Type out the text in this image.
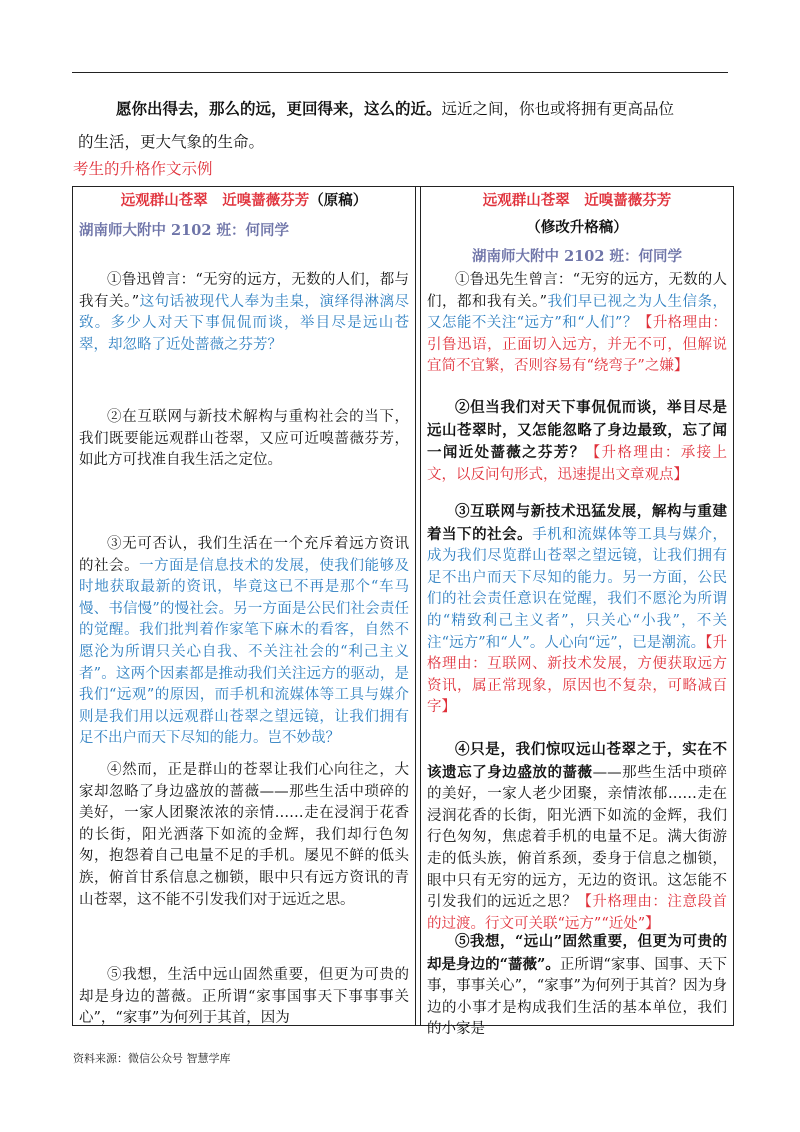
愿你出得去，那么的远，更回得来，这么的近。远近之间，你也或将拥有更高品位

的生活，更大气象的生命。

考生的升格作文示例
远观群山苍翠　近嗅蔷薇芬芳（原稿）
湖南师大附中 2102 班：何同学
①鲁迅曾言：“无穷的远方，无数的人们，都与我有关。”这句话被现代人奉为圭臬，演绎得淋漓尽致。多少人对天下事侃侃而谈，举目尽是远山苍翠，却忽略了近处蔷薇之芬芳？
②在互联网与新技术解构与重构社会的当下，我们既要能远观群山苍翠，又应可近嗅蔷薇芬芳，如此方可找准自我生活之定位。
③无可否认，我们生活在一个充斥着远方资讯的社会。一方面是信息技术的发展，使我们能够及时地获取最新的资讯，毕竟这已不再是那个“车马慢、书信慢”的慢社会。另一方面是公民们社会责任的觉醒。我们批判着作家笔下麻木的看客，自然不愿沦为所谓只关心自我、不关注社会的“利己主义者”。这两个因素都是推动我们关注远方的驱动，是我们“远观”的原因，而手机和流媒体等工具与媒介则是我们用以远观群山苍翠之望远镜，让我们拥有足不出户而天下尽知的能力。岂不妙哉？
④然而，正是群山的苍翠让我们心向往之，大家却忽略了身边盛放的蔷薇——那些生活中琐碎的美好，一家人团聚浓浓的亲情……走在浸润于花香的长街，阳光洒落下如流的金辉，我们却行色匆匆，抱怨着自己电量不足的手机。屡见不鲜的低头族，俯首甘系信息之枷锁，眼中只有远方资讯的青山苍翠，这不能不引发我们对于远近之思。
⑤我想，生活中远山固然重要，但更为可贵的却是身边的蔷薇。正所谓“家事国事天下事事事关心”，“家事”为何列于其首，因为

远观群山苍翠　近嗅蔷薇芬芳
（修改升格稿）
湖南师大附中 2102 班：何同学
①鲁迅先生曾言：“无穷的远方，无数的人们，都和我有关。”我们早已视之为人生信条，又怎能不关注“远方”和“人们”？【升格理由：引鲁迅语，正面切入远方，并无不可，但解说宜简不宜繁，否则容易有“绕弯子”之嫌】
②但当我们对天下事侃侃而谈，举目尽是远山苍翠时，又怎能忽略了身边最致，忘了闻一闻近处蔷薇之芬芳？【升格理由：承接上文，以反问句形式，迅速提出文章观点】
③互联网与新技术迅猛发展，解构与重建着当下的社会。手机和流媒体等工具与媒介，成为我们尽览群山苍翠之望远镜，让我们拥有足不出户而天下尽知的能力。另一方面，公民们的社会责任意识在觉醒，我们不愿沦为所谓的“精致利己主义者”，只关心“小我”，不关注“远方”和“人”。人心向“远”，已是潮流。【升格理由：互联网、新技术发展，方便获取远方资讯，属正常现象，原因也不复杂，可略减百字】
④只是，我们惊叹远山苍翠之于，实在不该遗忘了身边盛放的蔷薇——那些生活中琐碎的美好，一家人老少团聚，亲情浓郁……走在浸润花香的长街，阳光洒下如流的金辉，我们行色匆匆，焦虑着手机的电量不足。满大街游走的低头族，俯首系颈，委身于信息之枷锁，眼中只有无穷的远方，无边的资讯。这怎能不引发我们的远近之思？【升格理由：注意段首的过渡。行文可关联“远方”“近处”】
⑤我想，“远山”固然重要，但更为可贵的却是身边的“蔷薇”。正所谓“家事、国事、天下事，事事关心”，“家事”为何列于其首？因为身边的小事才是构成我们生活的基本单位，我们的小家是
资料来源：微信公众号 智慧学库
